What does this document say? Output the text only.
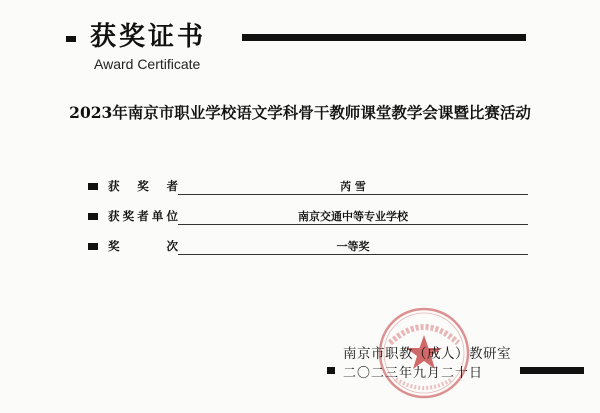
获奖证书
Award Certificate
2023年南京市职业学校语文学科骨干教师课堂教学会课暨比赛活动
获 奖 者	芮 雪
获奖者单位	南京交通中等专业学校
奖 次	一等奖
南京市职教（成人）教研室
二〇二三年九月二十日
